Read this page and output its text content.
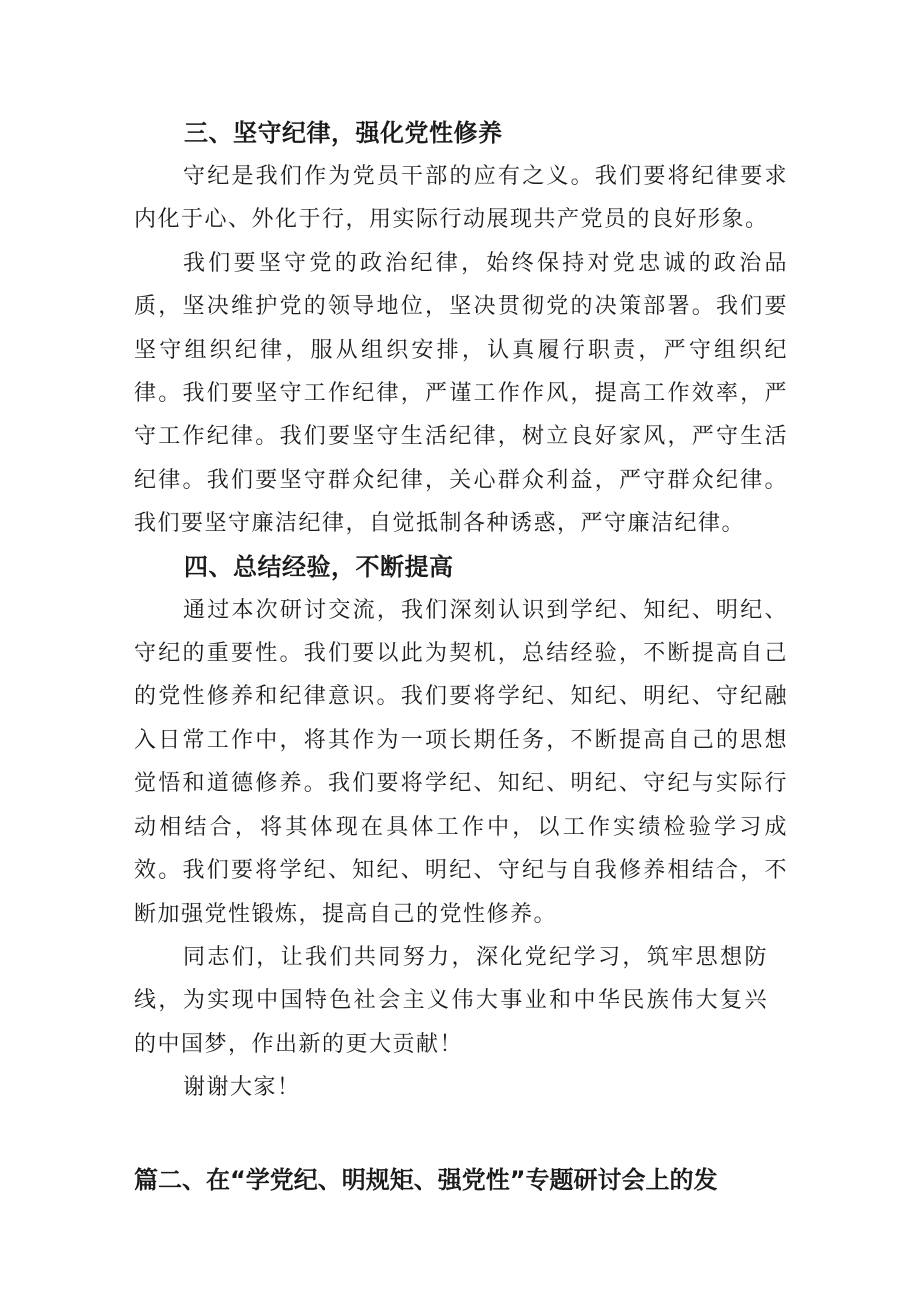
三、坚守纪律，强化党性修养

守纪是我们作为党员干部的应有之义。我们要将纪律要求内化于心、外化于行，用实际行动展现共产党员的良好形象。

我们要坚守党的政治纪律，始终保持对党忠诚的政治品质，坚决维护党的领导地位，坚决贯彻党的决策部署。我们要坚守组织纪律，服从组织安排，认真履行职责，严守组织纪律。我们要坚守工作纪律，严谨工作作风，提高工作效率，严守工作纪律。我们要坚守生活纪律，树立良好家风，严守生活纪律。我们要坚守群众纪律，关心群众利益，严守群众纪律。我们要坚守廉洁纪律，自觉抵制各种诱惑，严守廉洁纪律。

四、总结经验，不断提高

通过本次研讨交流，我们深刻认识到学纪、知纪、明纪、守纪的重要性。我们要以此为契机，总结经验，不断提高自己的党性修养和纪律意识。我们要将学纪、知纪、明纪、守纪融入日常工作中，将其作为一项长期任务，不断提高自己的思想觉悟和道德修养。我们要将学纪、知纪、明纪、守纪与实际行动相结合，将其体现在具体工作中，以工作实绩检验学习成效。我们要将学纪、知纪、明纪、守纪与自我修养相结合，不断加强党性锻炼，提高自己的党性修养。

同志们，让我们共同努力，深化党纪学习，筑牢思想防线，为实现中国特色社会主义伟大事业和中华民族伟大复兴的中国梦，作出新的更大贡献！

谢谢大家！

篇二、在“学党纪、明规矩、强党性”专题研讨会上的发
